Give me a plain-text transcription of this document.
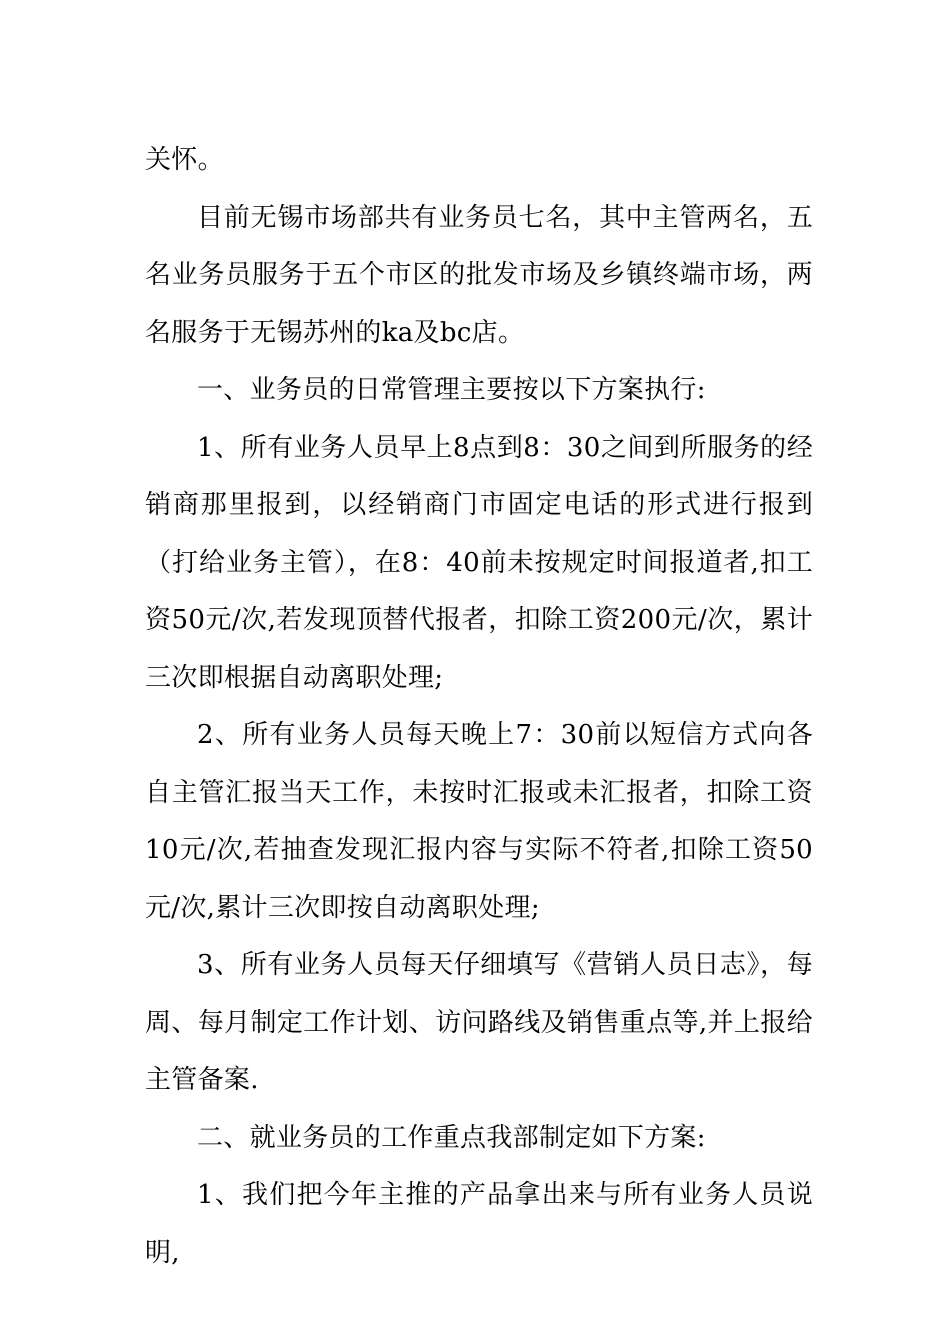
关怀。

目前无锡市场部共有业务员七名，其中主管两名，五名业务员服务于五个市区的批发市场及乡镇终端市场，两名服务于无锡苏州的ka及bc店。

一、业务员的日常管理主要按以下方案执行:

1、所有业务人员早上8点到8：30之间到所服务的经销商那里报到，以经销商门市固定电话的形式进行报到（打给业务主管），在8：40前未按规定时间报道者,扣工资50元/次,若发现顶替代报者，扣除工资200元/次，累计三次即根据自动离职处理;

2、所有业务人员每天晚上7：30前以短信方式向各自主管汇报当天工作，未按时汇报或未汇报者，扣除工资10元/次,若抽查发现汇报内容与实际不符者,扣除工资50元/次,累计三次即按自动离职处理;

3、所有业务人员每天仔细填写《营销人员日志》，每周、每月制定工作计划、访问路线及销售重点等,并上报给主管备案.

二、就业务员的工作重点我部制定如下方案:

1、我们把今年主推的产品拿出来与所有业务人员说明,
